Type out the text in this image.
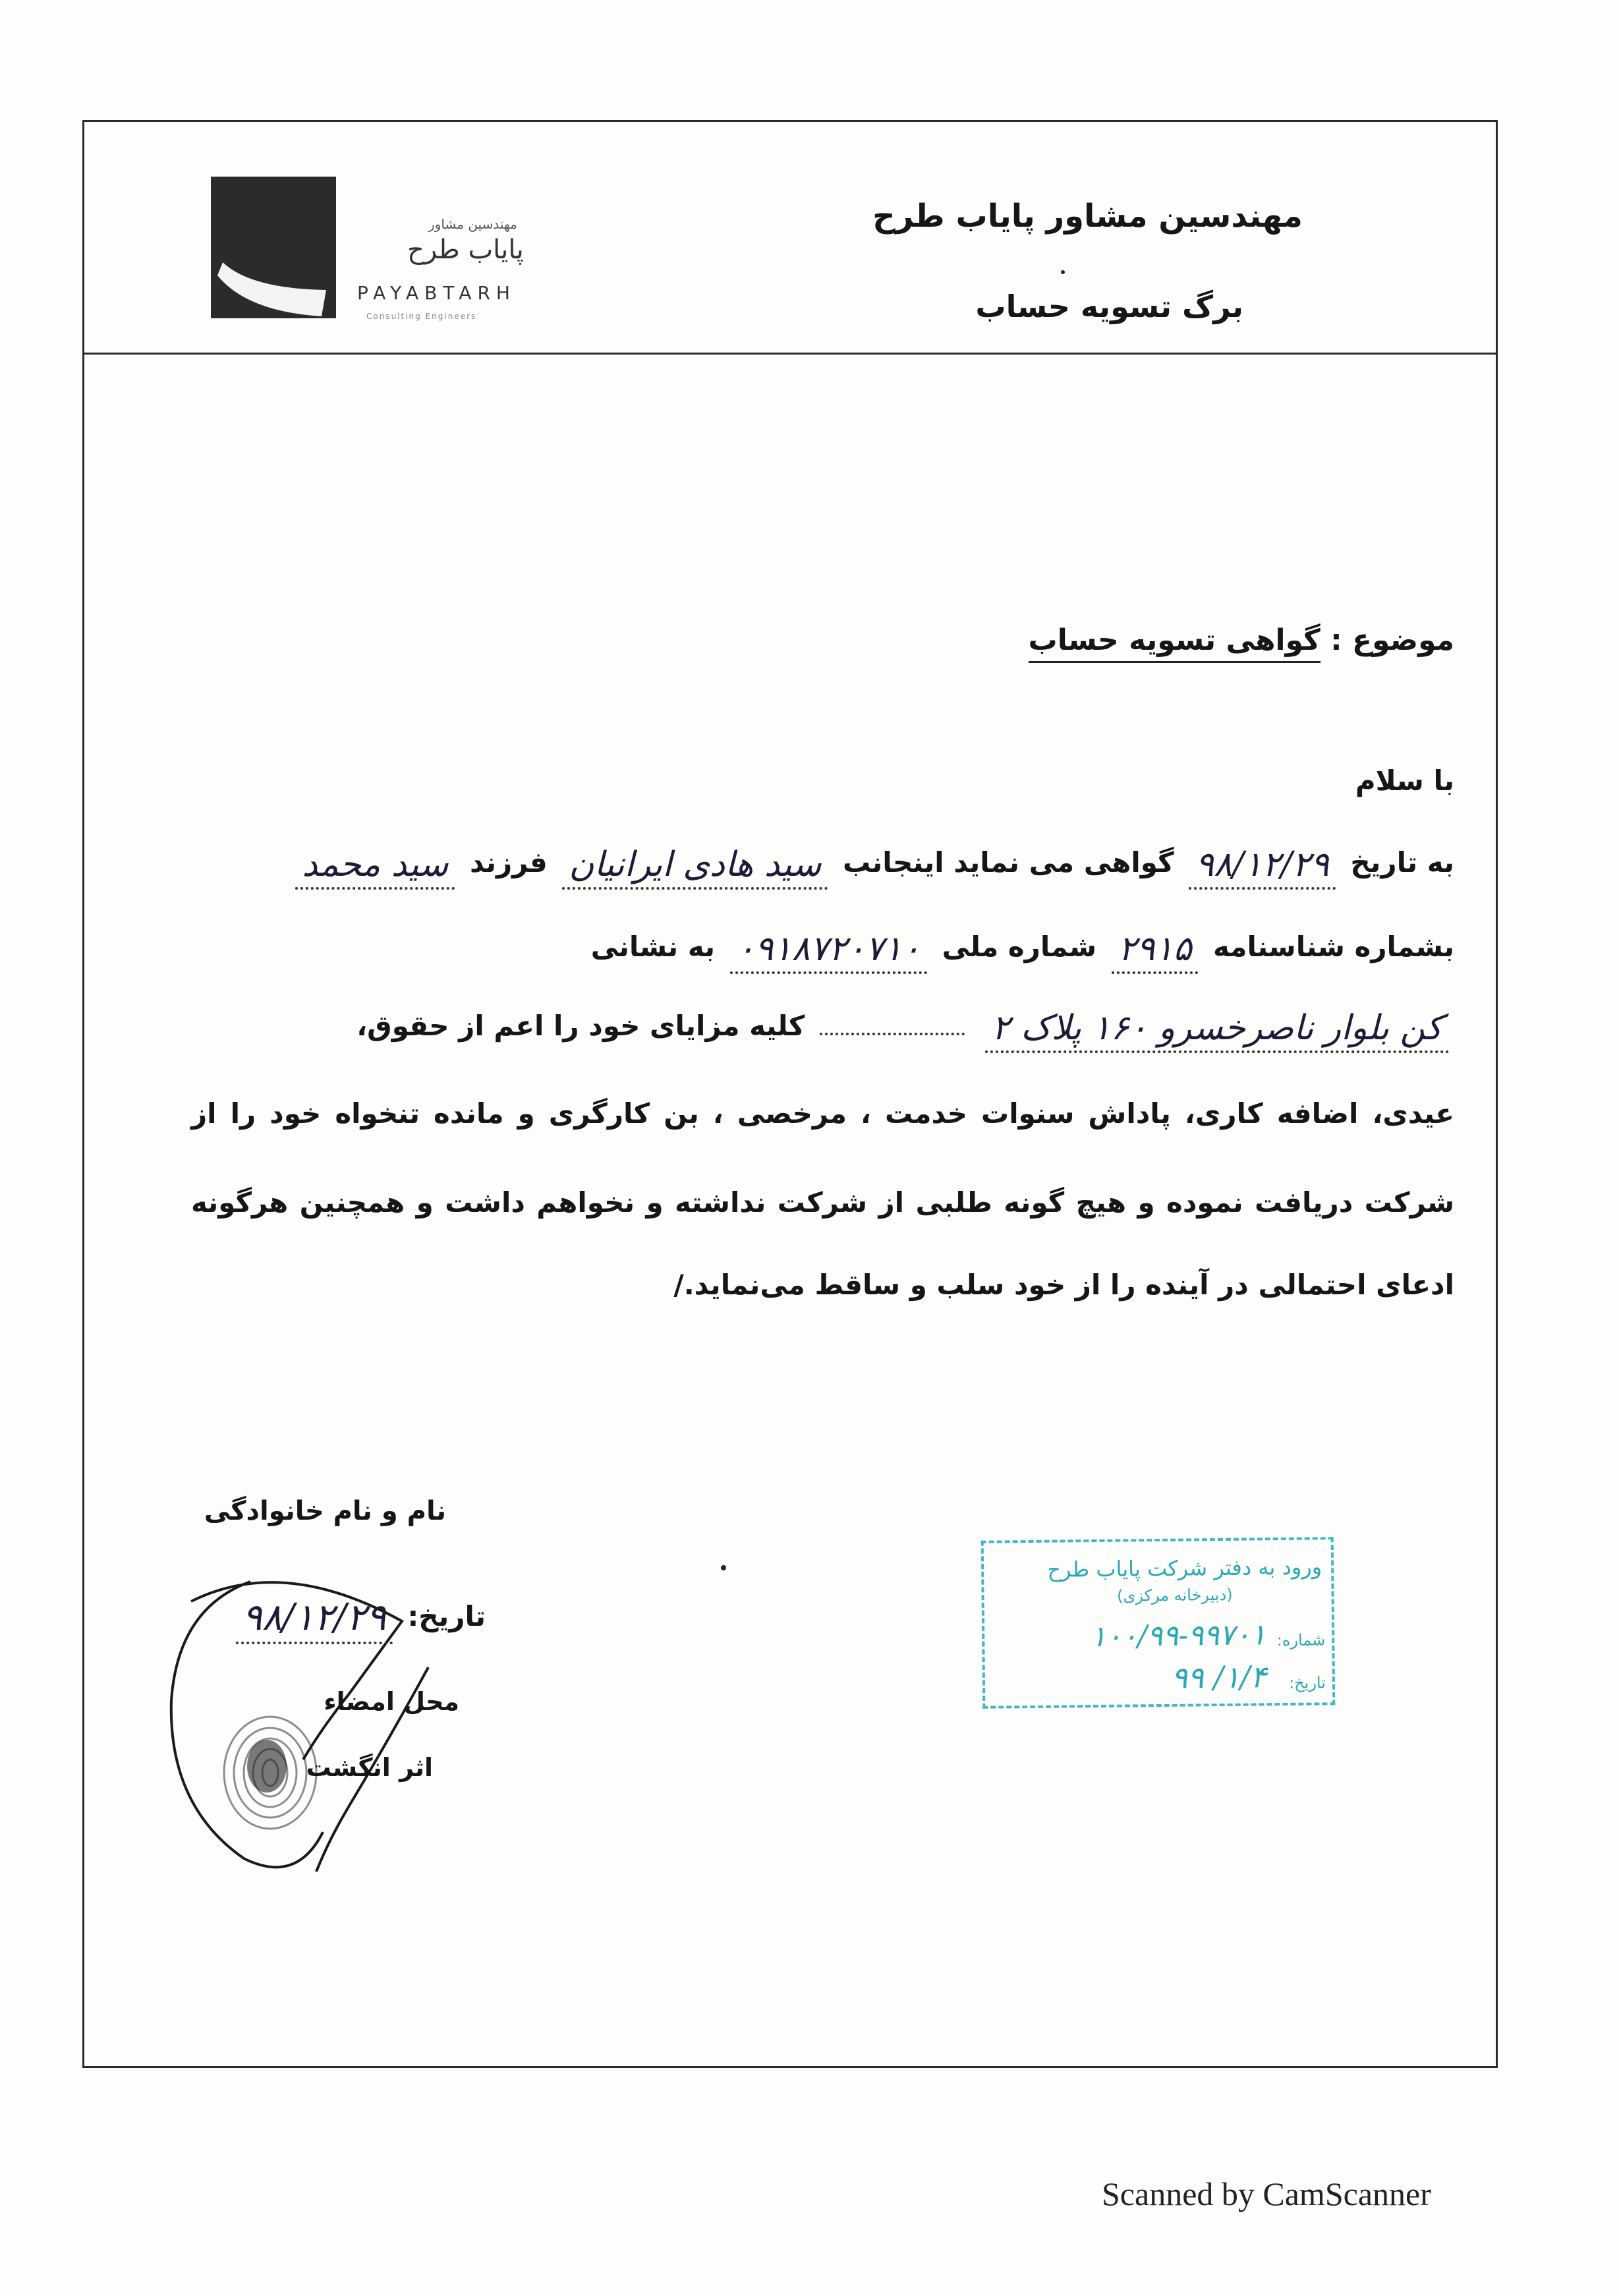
مهندسین مشاور
پایاب طرح
PAYABTARH
Consulting Engineers
مهندسین مشاور پایاب طرح
برگ تسویه حساب
موضوع : گواهی تسویه حساب
با سلام
به تاریخ ۹۸/۱۲/۲۹ گواهی می نماید اینجانب سید هادی ایرانیان فرزند سید محمد
بشماره شناسنامه ۲۹۱۵ شماره ملی ۰۹۱۸۷۲۰۷۱۰ به نشانی
کن بلوار ناصرخسرو ۱۶۰ پلاک ۲  کلیه مزایای خود را اعم از حقوق،
عیدی، اضافه کاری، پاداش سنوات خدمت ، مرخصی ، بن کارگری و مانده تنخواه خود را از
شرکت دریافت نموده و هیچ گونه طلبی از شرکت نداشته و نخواهم داشت و همچنین هرگونه
ادعای احتمالی در آینده را از خود سلب و ساقط می‌نماید./
نام و نام خانوادگی
تاریخ: ۹۸/۱۲/۲۹
محل امضاء
اثر انگشت
ورود به دفتر شرکت پایاب طرح
(دبیرخانه مرکزی)
شماره:
۱۰۰/۹۹-۹۹۷۰۱
تاریخ:
۱/۴/ ۹۹
Scanned by CamScanner
